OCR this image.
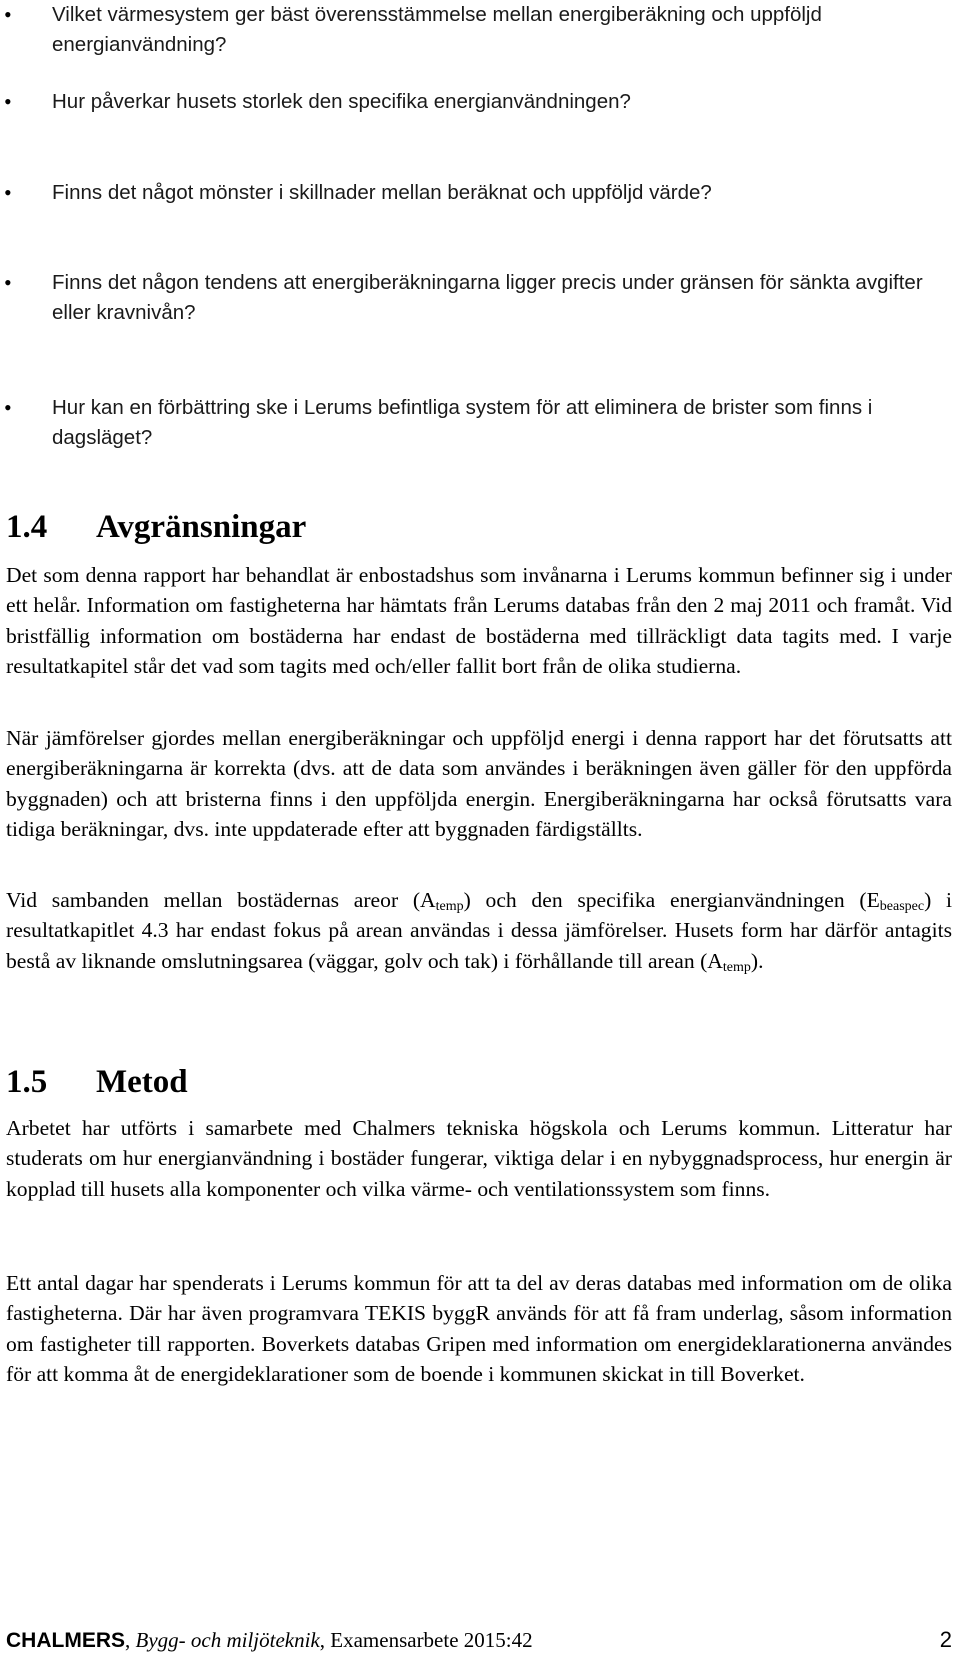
• Vilket värmesystem ger bäst överensstämmelse mellan energiberäkning och uppföljd energianvändning?
• Hur påverkar husets storlek den specifika energianvändningen?
• Finns det något mönster i skillnader mellan beräknat och uppföljd värde?
• Finns det någon tendens att energiberäkningarna ligger precis under gränsen för sänkta avgifter eller kravnivån?
• Hur kan en förbättring ske i Lerums befintliga system för att eliminera de brister som finns i dagsläget?
1.4 Avgränsningar

Det som denna rapport har behandlat är enbostadshus som invånarna i Lerums kommun befinner sig i under ett helår. Information om fastigheterna har hämtats från Lerums databas från den 2 maj 2011 och framåt. Vid bristfällig information om bostäderna har endast de bostäderna med tillräckligt data tagits med. I varje resultatkapitel står det vad som tagits med och/eller fallit bort från de olika studierna.

När jämförelser gjordes mellan energiberäkningar och uppföljd energi i denna rapport har det förutsatts att energiberäkningarna är korrekta (dvs. att de data som användes i beräkningen även gäller för den uppförda byggnaden) och att bristerna finns i den uppföljda energin. Energiberäkningarna har också förutsatts vara tidiga beräkningar, dvs. inte uppdaterade efter att byggnaden färdigställts.

Vid sambanden mellan bostädernas areor $(A_{temp})$ och den specifika energianvändningen $(E_{beaspec})$ i resultatkapitlet 4.3 har endast fokus på arean användas i dessa jämförelser. Husets form har därför antagits bestå av liknande omslutningsarea (väggar, golv och tak) i förhållande till arean $(A_{temp})$.

1.5 Metod

Arbetet har utförts i samarbete med Chalmers tekniska högskola och Lerums kommun. Litteratur har studerats om hur energianvändning i bostäder fungerar, viktiga delar i en nybyggnadsprocess, hur energin är kopplad till husets alla komponenter och vilka värme- och ventilationssystem som finns.

Ett antal dagar har spenderats i Lerums kommun för att ta del av deras databas med information om de olika fastigheterna. Där har även programvara TEKIS byggR används för att få fram underlag, såsom information om fastigheter till rapporten. Boverkets databas Gripen med information om energideklarationerna användes för att komma åt de energideklarationer som de boende i kommunen skickat in till Boverket.

CHALMERS, Bygg- och miljöteknik, Examensarbete 2015:42	2
